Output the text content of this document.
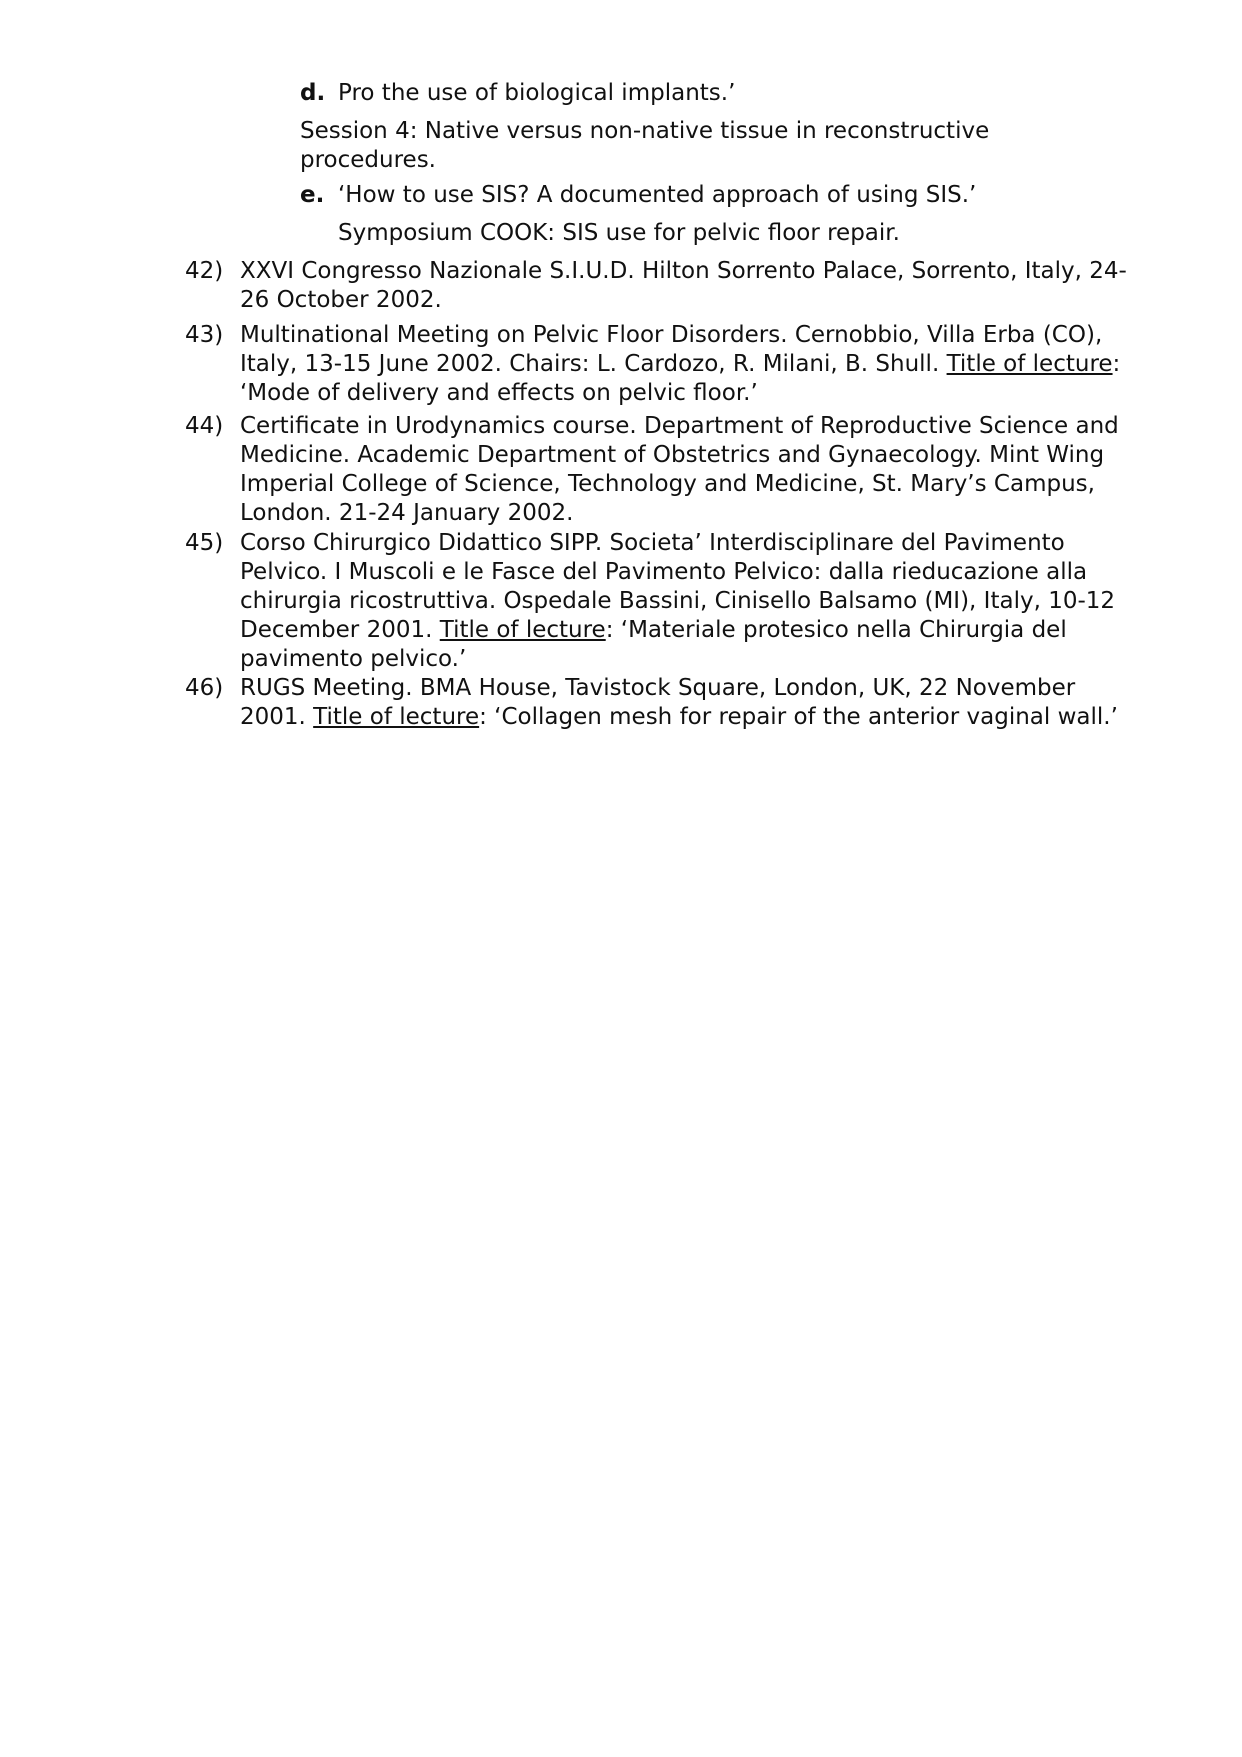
d. Pro the use of biological implants.’
Session 4: Native versus non-native tissue in reconstructive procedures.
e. ‘How to use SIS? A documented approach of using SIS.’
Symposium COOK: SIS use for pelvic floor repair.
42) XXVI Congresso Nazionale S.I.U.D. Hilton Sorrento Palace, Sorrento, Italy, 24-26 October 2002.
43) Multinational Meeting on Pelvic Floor Disorders. Cernobbio, Villa Erba (CO), Italy, 13-15 June 2002. Chairs: L. Cardozo, R. Milani, B. Shull. Title of lecture: ‘Mode of delivery and effects on pelvic floor.’
44) Certificate in Urodynamics course. Department of Reproductive Science and Medicine. Academic Department of Obstetrics and Gynaecology. Mint Wing Imperial College of Science, Technology and Medicine, St. Mary’s Campus, London. 21-24 January 2002.
45) Corso Chirurgico Didattico SIPP. Societa’ Interdisciplinare del Pavimento Pelvico. I Muscoli e le Fasce del Pavimento Pelvico: dalla rieducazione alla chirurgia ricostruttiva. Ospedale Bassini, Cinisello Balsamo (MI), Italy, 10-12 December 2001. Title of lecture: ‘Materiale protesico nella Chirurgia del pavimento pelvico.’
46) RUGS Meeting. BMA House, Tavistock Square, London, UK, 22 November 2001. Title of lecture: ‘Collagen mesh for repair of the anterior vaginal wall.’
